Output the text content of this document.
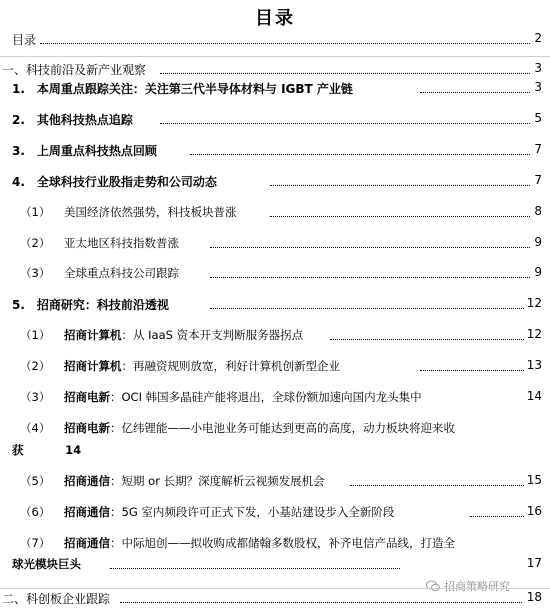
目录
目录	2
一、科技前沿及新产业观察	3
1.　本周重点跟踪关注：关注第三代半导体材料与 IGBT 产业链	3
2.　其他科技热点追踪	5
3.　上周重点科技热点回顾	7
4.　全球科技行业股指走势和公司动态	7
（1） 美国经济依然强势，科技板块普涨	8
（2） 亚太地区科技指数普涨	9
（3） 全球重点科技公司跟踪	9
5.　招商研究：科技前沿透视	12
（1） 招商计算机：从 IaaS 资本开支判断服务器拐点	12
（2） 招商计算机：再融资规则放宽，利好计算机创新型企业	13
（3） 招商电新：OCI 韩国多晶硅产能将退出，全球份额加速向国内龙头集中	14
（4） 招商电新：亿纬锂能——小电池业务可能达到更高的高度，动力板块将迎来收
获	14
（5） 招商通信：短期 or 长期？深度解析云视频发展机会	15
（6） 招商通信：5G 室内频段许可正式下发，小基站建设步入全新阶段	16
（7） 招商通信：中际旭创——拟收购成都储翰多数股权，补齐电信产品线，打造全
球光模块巨头	17
招商策略研究
二、科创板企业跟踪	18
